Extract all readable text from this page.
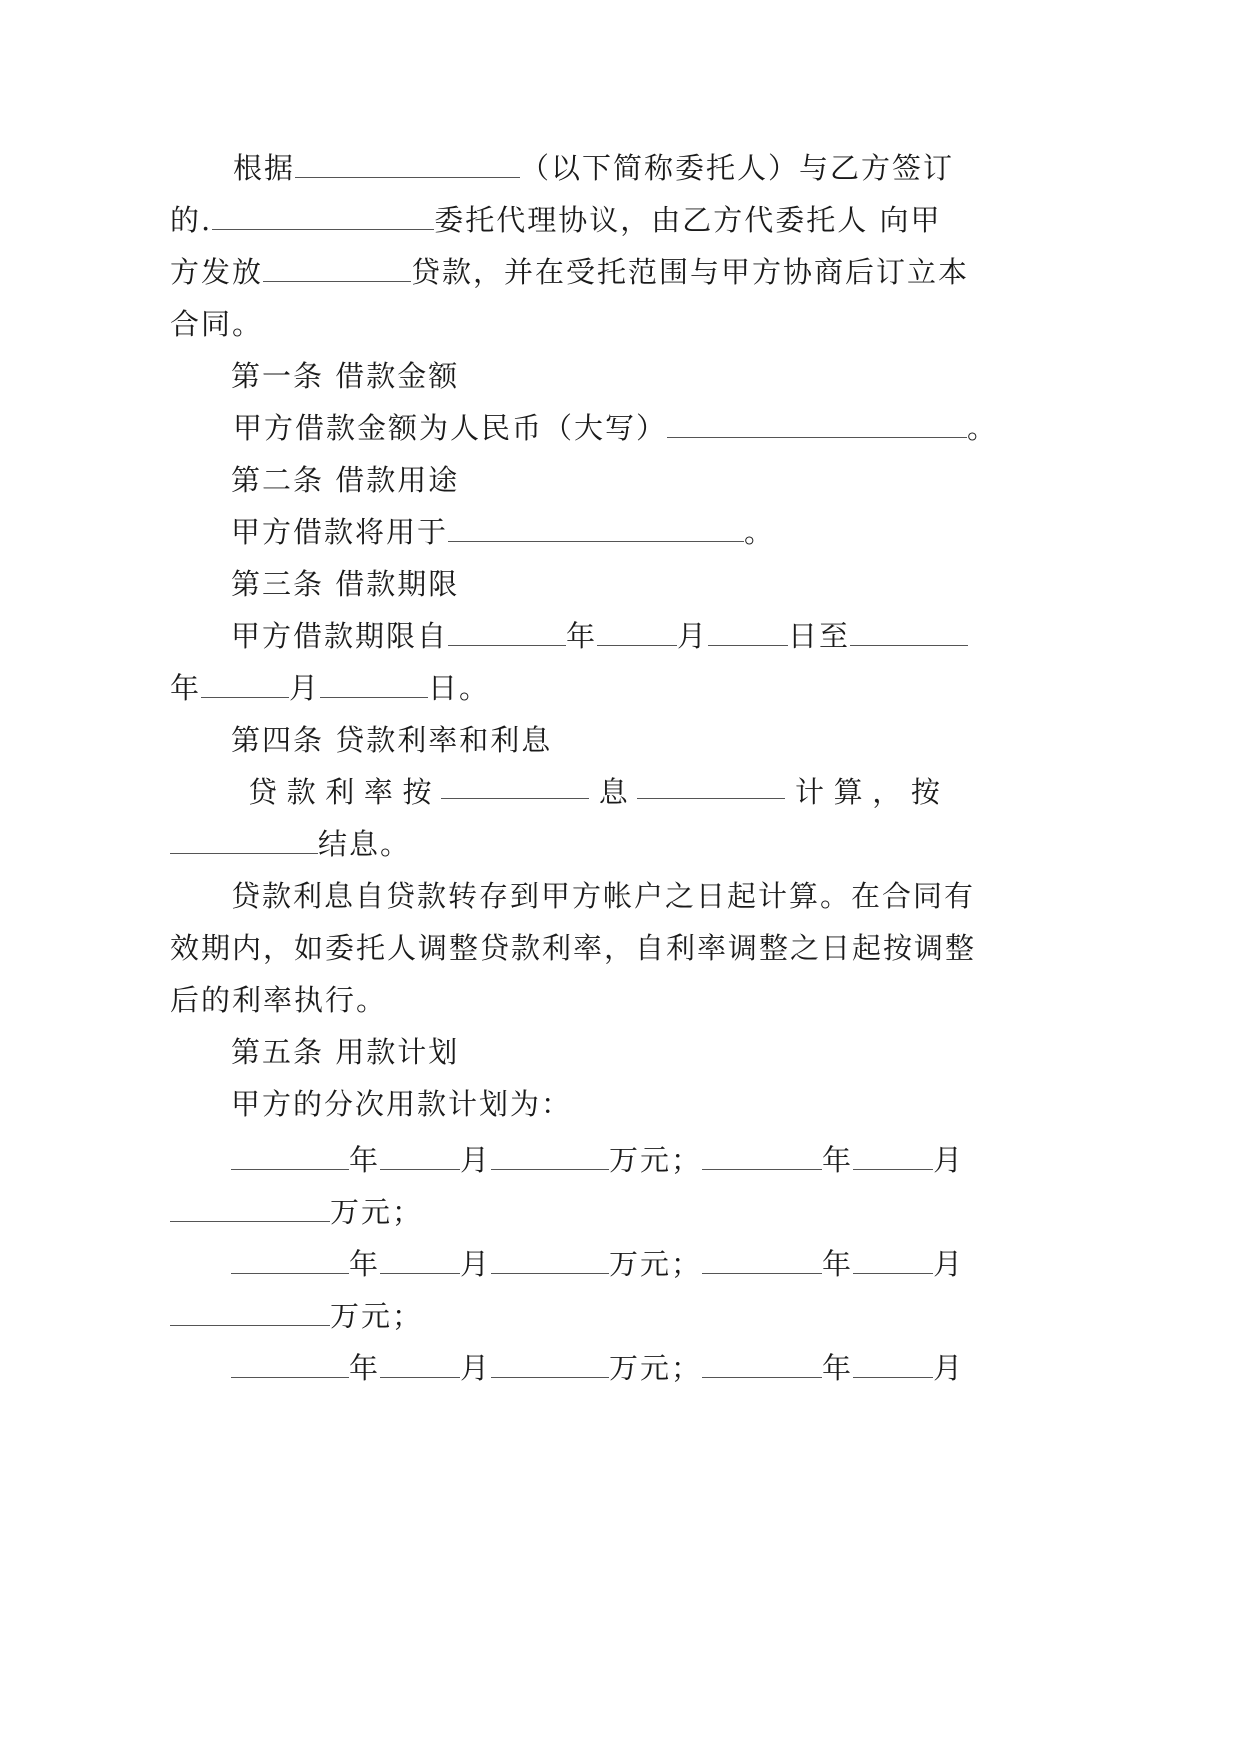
根据	（以下简称委托人）与乙方签订
的.	委托代理协议，由乙方代委托人 向甲
方发放	贷款，并在受托范围与甲方协商后订立本
合同。
第一条 借款金额
甲方借款金额为人民币（大写）	。
第二条 借款用途
甲方借款将用于	。
第三条 借款期限
甲方借款期限自	年	月	日至
年	月	日。
第四条 贷款利率和利息
贷 款 利 率 按	息	计 算 ， 按
结息。
贷款利息自贷款转存到甲方帐户之日起计算。在合同有
效期内，如委托人调整贷款利率，自利率调整之日起按调整
后的利率执行。
第五条 用款计划
甲方的分次用款计划为：
年	月	万元；	年	月
万元；
年	月	万元；	年	月
万元；
年	月	万元；	年	月
